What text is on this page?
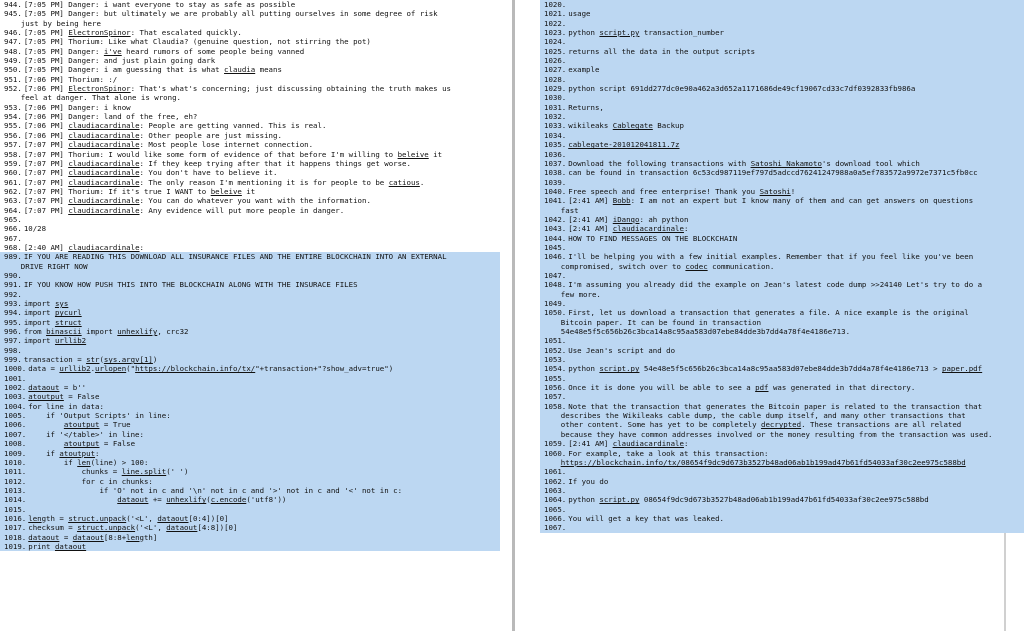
944. [7:05 PM] Danger: i want everyone to stay as safe as possible
945. [7:05 PM] Danger: but ultimately we are probably all putting ourselves in some degree of risk
just by being here
946. [7:05 PM] ElectronSpinor: That escalated quickly.
947. [7:05 PM] Thorium: Like what Claudia? (genuine question, not stirring the pot)
948. [7:05 PM] Danger: i've heard rumors of some people being vanned
949. [7:05 PM] Danger: and just plain going dark
950. [7:05 PM] Danger: i am guessing that is what claudia means
951. [7:06 PM] Thorium: :/
952. [7:06 PM] ElectronSpinor: That's what's concerning; just discussing obtaining the truth makes us
feel at danger. That alone is wrong.
953. [7:06 PM] Danger: i know
954. [7:06 PM] Danger: land of the free, eh?
955. [7:06 PM] claudiacardinale: People are getting vanned. This is real.
956. [7:06 PM] claudiacardinale: Other people are just missing.
957. [7:07 PM] claudiacardinale: Most people lose internet connection.
958. [7:07 PM] Thorium: I would like some form of evidence of that before I'm willing to beleive it
959. [7:07 PM] claudiacardinale: If they keep trying after that it happens things get worse.
960. [7:07 PM] claudiacardinale: You don't have to believe it.
961. [7:07 PM] claudiacardinale: The only reason I'm mentioning it is for people to be catious.
962. [7:07 PM] Thorium: If it's true I WANT to beleive it
963. [7:07 PM] claudiacardinale: You can do whatever you want with the information.
964. [7:07 PM] claudiacardinale: Any evidence will put more people in danger.
965.
966. 10/28
967.
968. [2:40 AM] claudiacardinale:
989. IF YOU ARE READING THIS DOWNLOAD ALL INSURANCE FILES AND THE ENTIRE BLOCKCHAIN INTO AN EXTERNAL
DRIVE RIGHT NOW
990.
991. IF YOU KNOW HOW PUSH THIS INTO THE BLOCKCHAIN ALONG WITH THE INSURACE FILES
992.
993. import sys
994. import pycurl
995. import struct
996. from binascii import unhexlify, crc32
997. import urllib2
998.
999. transaction = str(sys.argv[1])
1000. data = urllib2.urlopen("https://blockchain.info/tx/"+transaction+"?show_adv=true")
1001.
1002. dataout = b''
1003. atoutput = False
1004. for line in data:
1005. if 'Output Scripts' in line:
1006.	atoutput = True
1007. if '</table>' in line:
1008.	atoutput = False
1009. if atoutput:
1010. if len(line) > 100:
1011. chunks = line.split(' ')
1012. for c in chunks:
1013. if 'O' not in c and '\n' not in c and '>' not in c and '<' not in c:
1014.	dataout += unhexlify(c.encode('utf8'))
1015.
1016. length = struct.unpack('<L', dataout[0:4])[0]
1017. checksum = struct.unpack('<L', dataout[4:8])[0]
1018. dataout = dataout[8:8+length]
1019. print dataout
1020.
1021. usage
1022.
1023. python script.py transaction_number
1024.
1025. returns all the data in the output scripts
1026.
1027. example
1028.
1029. python script 691dd277dc0e90a462a3d652a1171686de49cf19067cd33c7df0392833fb986a
1030.
1031. Returns,
1032.
1033. wikileaks Cablegate Backup
1034.
1035. cablegate-201012041811.7z
1036.
1037. Download the following transactions with Satoshi Nakamoto's download tool which
1038. can be found in transaction 6c53cd987119ef797d5adccd76241247988a0a5ef783572a9972e7371c5fb0cc
1039.
1040. Free speech and free enterprise! Thank you Satoshi!
1041. [2:41 AM] Bobb: I am not an expert but I know many of them and can get answers on questions
fast
1042. [2:41 AM] iDanqo: ah python
1043. [2:41 AM] claudiacardinale:
1044. HOW TO FIND MESSAGES ON THE BLOCKCHAIN
1045.
1046. I'll be helping you with a few initial examples. Remember that if you feel like you've been
compromised, switch over to codec communication.
1047.
1048. I'm assuming you already did the example on Jean's latest code dump >>24140 Let's try to do a
few more.
1049.
1050. First, let us download a transaction that generates a file. A nice example is the original
Bitcoin paper. It can be found in transaction
54e48e5f5c656b26c3bca14a8c95aa583d07ebe84dde3b7dd4a78f4e4186e713.
1051.
1052. Use Jean's script and do
1053.
1054. python script.py 54e48e5f5c656b26c3bca14a8c95aa583d07ebe84dde3b7dd4a78f4e4186e713 > paper.pdf
1055.
1056. Once it is done you will be able to see a pdf was generated in that directory.
1057.
1058. Note that the transaction that generates the Bitcoin paper is related to the transaction that
describes the Wikileaks cable dump, the cable dump itself, and many other transactions that
other content. Some has yet to be completely decrypted. These transactions are all related
because they have common addresses involved or the money resulting from the transaction was used.
1059. [2:41 AM] claudiacardinale:
1060. For example, take a look at this transaction:
https://blockchain.info/tx/08654f9dc9d673b3527b48ad06ab1b199ad47b61fd54033af30c2ee975c588bd
1061.
1062. If you do
1063.
1064. python script.py 08654f9dc9d673b3527b48ad06ab1b199ad47b61fd54033af30c2ee975c588bd
1065.
1066. You will get a key that was leaked.
1067.
